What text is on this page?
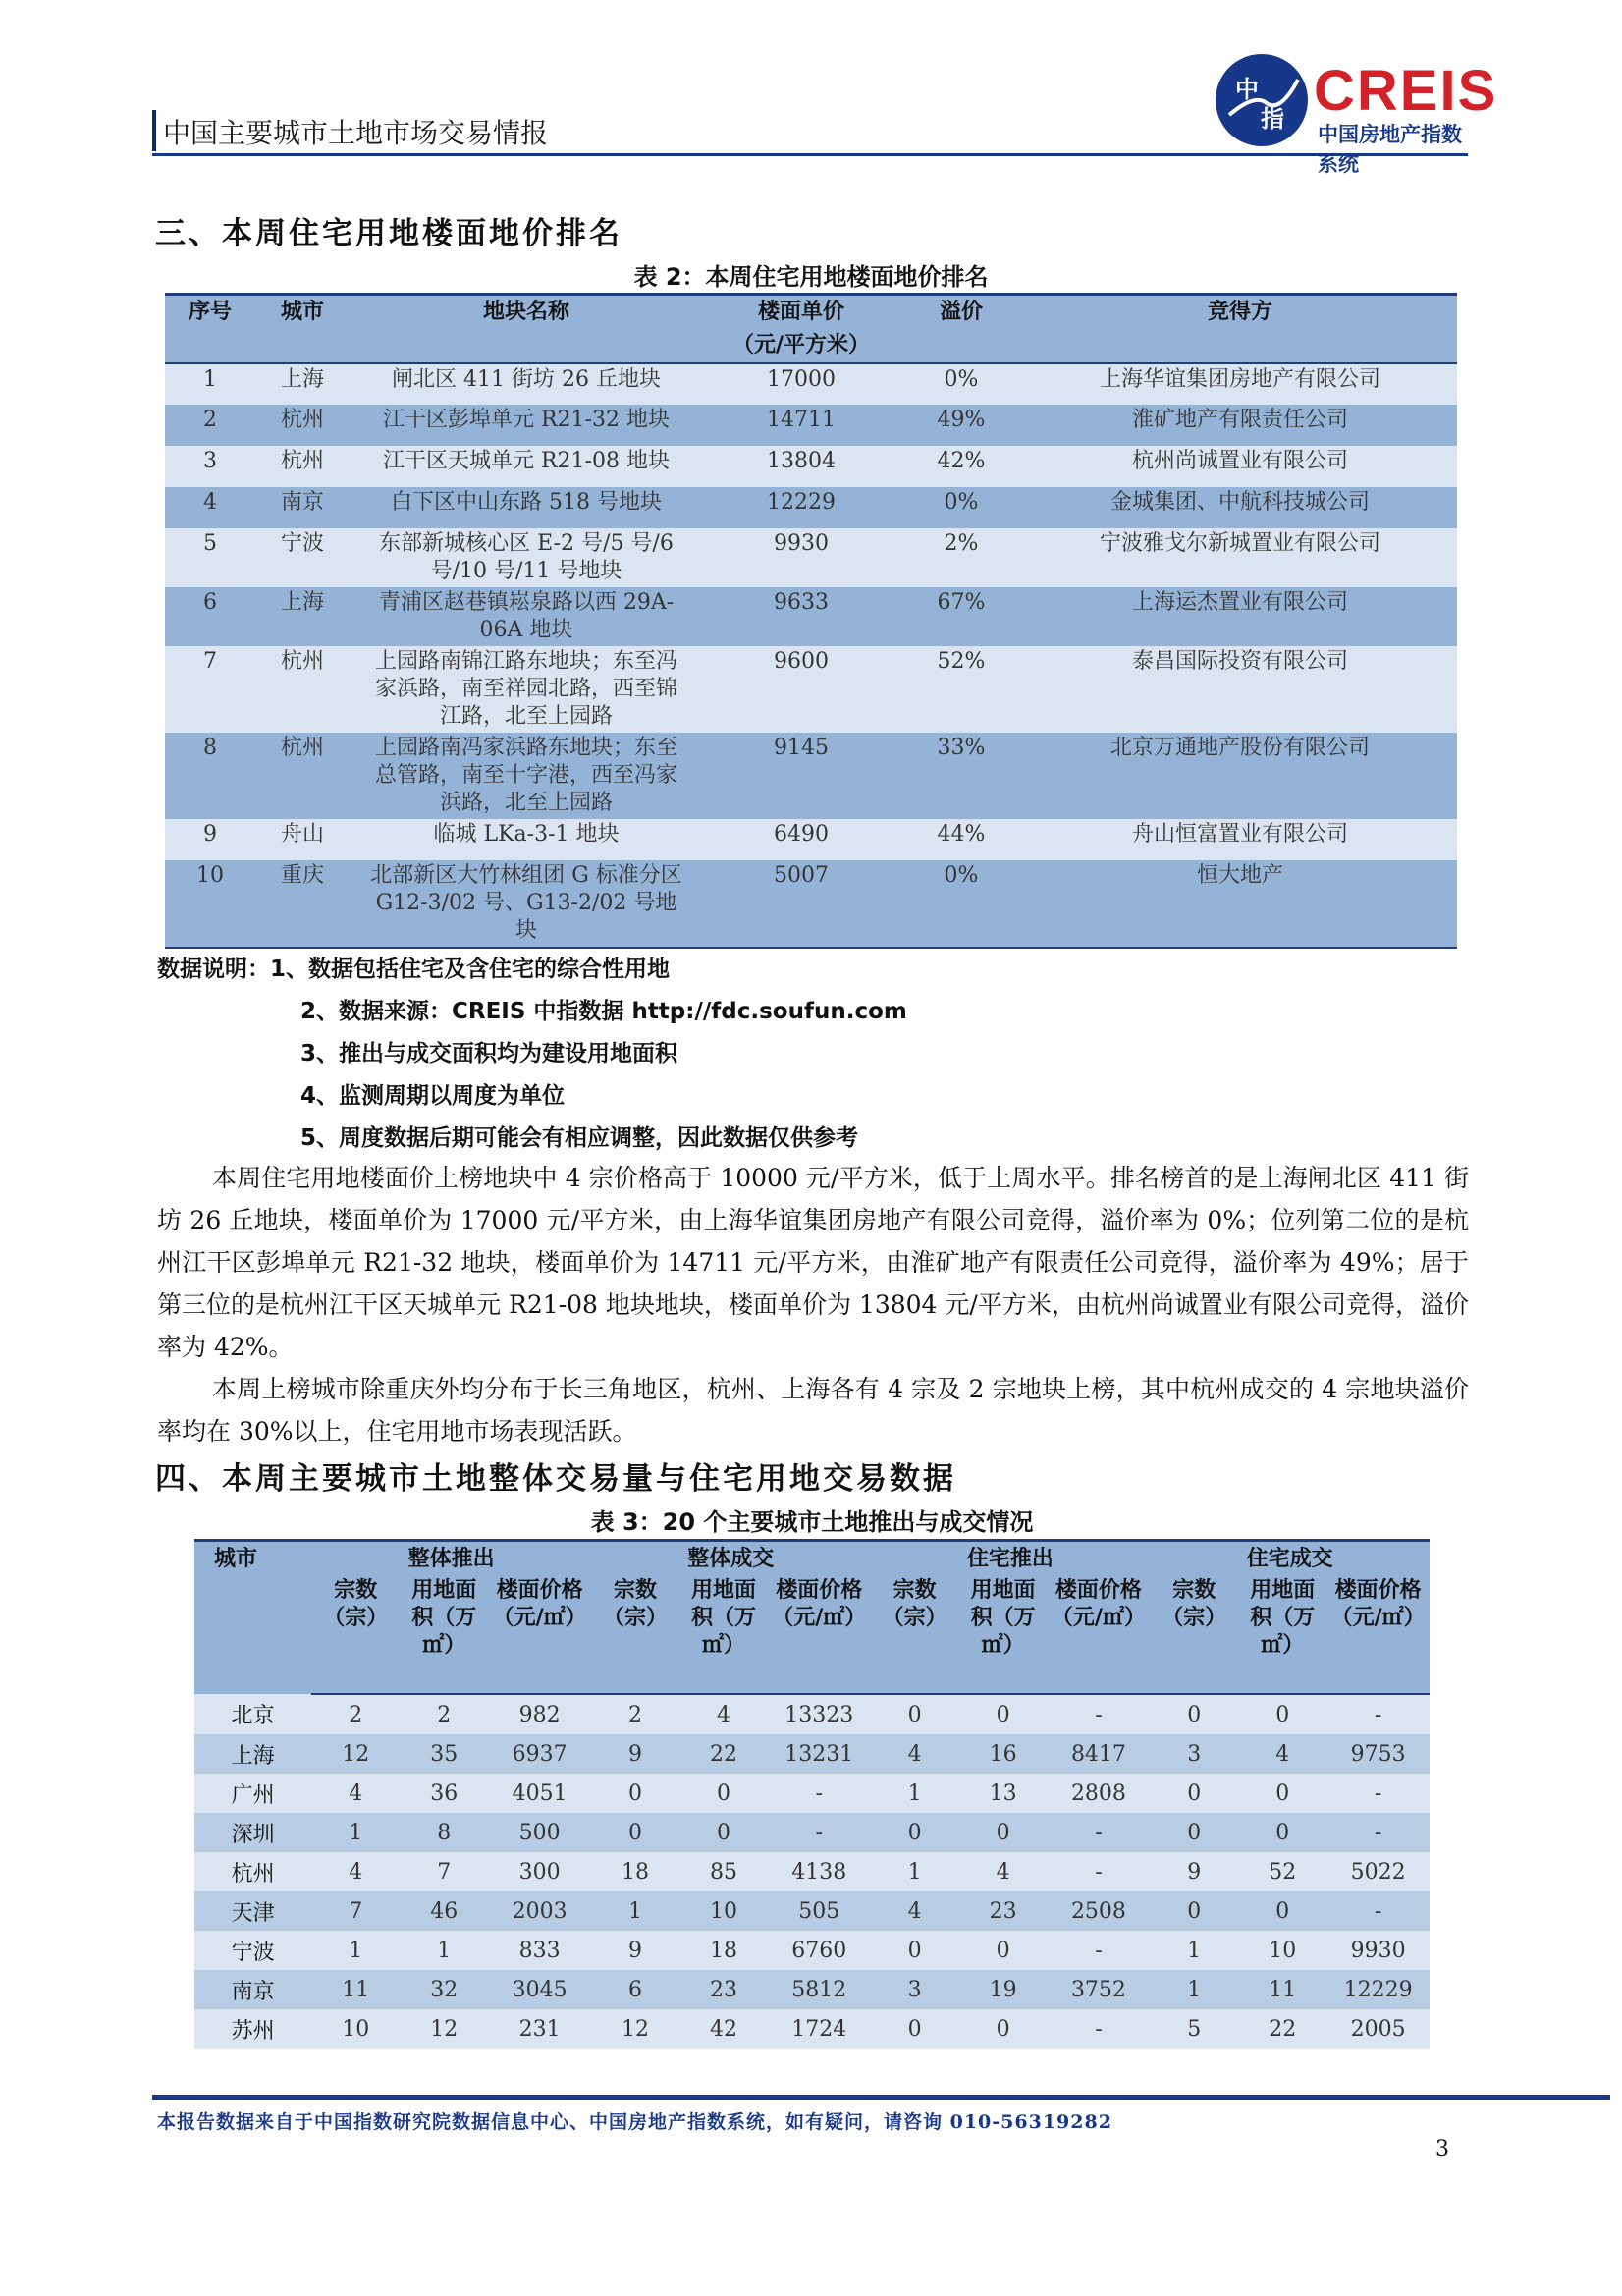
中国主要城市土地市场交易情报
中
指 CREIS
中国房地产指数系统
三、本周住宅用地楼面地价排名
表 2：本周住宅用地楼面地价排名
序号	城市	地块名称	楼面单价
（元/平方米）	溢价	竞得方
1	上海	闸北区 411 街坊 26 丘地块	17000	0%	上海华谊集团房地产有限公司
2	杭州	江干区彭埠单元 R21-32 地块	14711	49%	淮矿地产有限责任公司
3	杭州	江干区天城单元 R21-08 地块	13804	42%	杭州尚诚置业有限公司
4	南京	白下区中山东路 518 号地块	12229	0%	金城集团、中航科技城公司
5	宁波	东部新城核心区 E-2 号/5 号/6 号/10 号/11 号地块	9930	2%	宁波雅戈尔新城置业有限公司
6	上海	青浦区赵巷镇崧泉路以西 29A-06A 地块	9633	67%	上海运杰置业有限公司
7	杭州	上园路南锦江路东地块；东至冯家浜路，南至祥园北路，西至锦江路，北至上园路	9600	52%	泰昌国际投资有限公司
8	杭州	上园路南冯家浜路东地块；东至总管路，南至十字港，西至冯家浜路，北至上园路	9145	33%	北京万通地产股份有限公司
9	舟山	临城 LKa-3-1 地块	6490	44%	舟山恒富置业有限公司
10	重庆	北部新区大竹林组团 G 标准分区 G12-3/02 号、G13-2/02 号地块	5007	0%	恒大地产
数据说明：1、数据包括住宅及含住宅的综合性用地
2、数据来源：CREIS 中指数据 http://fdc.soufun.com
3、推出与成交面积均为建设用地面积
4、监测周期以周度为单位
5、周度数据后期可能会有相应调整，因此数据仅供参考

本周住宅用地楼面价上榜地块中 4 宗价格高于 10000 元/平方米，低于上周水平。排名榜首的是上海闸北区 411 街坊 26 丘地块，楼面单价为 17000 元/平方米，由上海华谊集团房地产有限公司竞得，溢价率为 0%；位列第二位的是杭州江干区彭埠单元 R21-32 地块，楼面单价为 14711 元/平方米，由淮矿地产有限责任公司竞得，溢价率为 49%；居于第三位的是杭州江干区天城单元 R21-08 地块地块，楼面单价为 13804 元/平方米，由杭州尚诚置业有限公司竞得，溢价率为 42%。

本周上榜城市除重庆外均分布于长三角地区，杭州、上海各有 4 宗及 2 宗地块上榜，其中杭州成交的 4 宗地块溢价率均在 30%以上，住宅用地市场表现活跃。

四、本周主要城市土地整体交易量与住宅用地交易数据
表 3：20 个主要城市土地推出与成交情况
城市	整体推出			整体成交			住宅推出			住宅成交		
	宗数（宗）	用地面积（万㎡）	楼面价格（元/㎡）	宗数（宗）	用地面积（万㎡）	楼面价格（元/㎡）	宗数（宗）	用地面积（万㎡）	楼面价格（元/㎡）	宗数（宗）	用地面积（万㎡）	楼面价格（元/㎡）
北京	2	2	982	2	4	13323	0	0	-	0	0	-
上海	12	35	6937	9	22	13231	4	16	8417	3	4	9753
广州	4	36	4051	0	0	-	1	13	2808	0	0	-
深圳	1	8	500	0	0	-	0	0	-	0	0	-
杭州	4	7	300	18	85	4138	1	4	-	9	52	5022
天津	7	46	2003	1	10	505	4	23	2508	0	0	-
宁波	1	1	833	9	18	6760	0	0	-	1	10	9930
南京	11	32	3045	6	23	5812	3	19	3752	1	11	12229
苏州	10	12	231	12	42	1724	0	0	-	5	22	2005
本报告数据来自于中国指数研究院数据信息中心、中国房地产指数系统，如有疑问，请咨询 010-56319282
3
